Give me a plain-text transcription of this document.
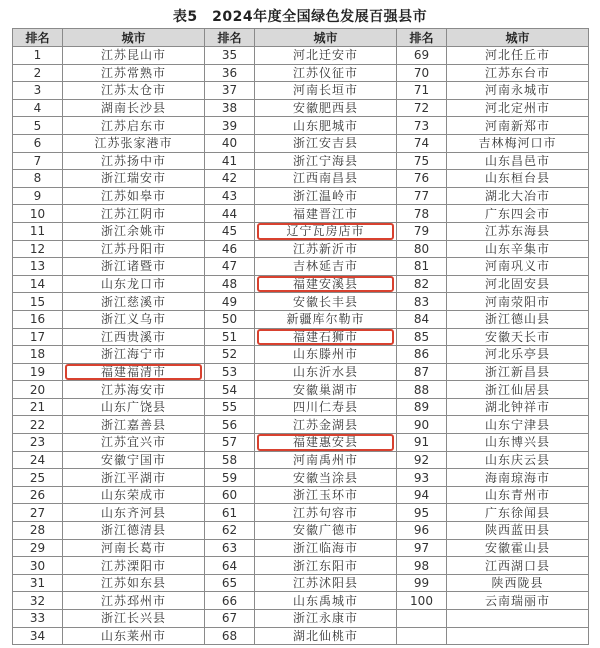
表5　2024年度全国绿色发展百强县市
排名	城市	排名	城市	排名	城市
1	江苏昆山市	35	河北迁安市	69	河北任丘市
2	江苏常熟市	36	江苏仪征市	70	江苏东台市
3	江苏太仓市	37	河南长垣市	71	河南永城市
4	湖南长沙县	38	安徽肥西县	72	河北定州市
5	江苏启东市	39	山东肥城市	73	河南新郑市
6	江苏张家港市	40	浙江安吉县	74	吉林梅河口市
7	江苏扬中市	41	浙江宁海县	75	山东昌邑市
8	浙江瑞安市	42	江西南昌县	76	山东桓台县
9	江苏如皋市	43	浙江温岭市	77	湖北大冶市
10	江苏江阴市	44	福建晋江市	78	广东四会市
11	浙江余姚市	45	辽宁瓦房店市	79	江苏东海县
12	江苏丹阳市	46	江苏新沂市	80	山东辛集市
13	浙江诸暨市	47	吉林延吉市	81	河南巩义市
14	山东龙口市	48	福建安溪县	82	河北固安县
15	浙江慈溪市	49	安徽长丰县	83	河南荥阳市
16	浙江义乌市	50	新疆库尔勒市	84	浙江德山县
17	江西贵溪市	51	福建石狮市	85	安徽天长市
18	浙江海宁市	52	山东滕州市	86	河北乐亭县
19	福建福清市	53	山东沂水县	87	浙江新昌县
20	江苏海安市	54	安徽巢湖市	88	浙江仙居县
21	山东广饶县	55	四川仁寿县	89	湖北钟祥市
22	浙江嘉善县	56	江苏金湖县	90	山东宁津县
23	江苏宜兴市	57	福建惠安县	91	山东博兴县
24	安徽宁国市	58	河南禹州市	92	山东庆云县
25	浙江平湖市	59	安徽当涂县	93	海南琼海市
26	山东荣成市	60	浙江玉环市	94	山东青州市
27	山东齐河县	61	江苏句容市	95	广东徐闻县
28	浙江德清县	62	安徽广德市	96	陕西蓝田县
29	河南长葛市	63	浙江临海市	97	安徽霍山县
30	江苏溧阳市	64	浙江东阳市	98	江西湖口县
31	江苏如东县	65	江苏沭阳县	99	陕西陇县
32	江苏邳州市	66	山东禹城市	100	云南瑞丽市
33	浙江长兴县	67	浙江永康市		
34	山东莱州市	68	湖北仙桃市		
